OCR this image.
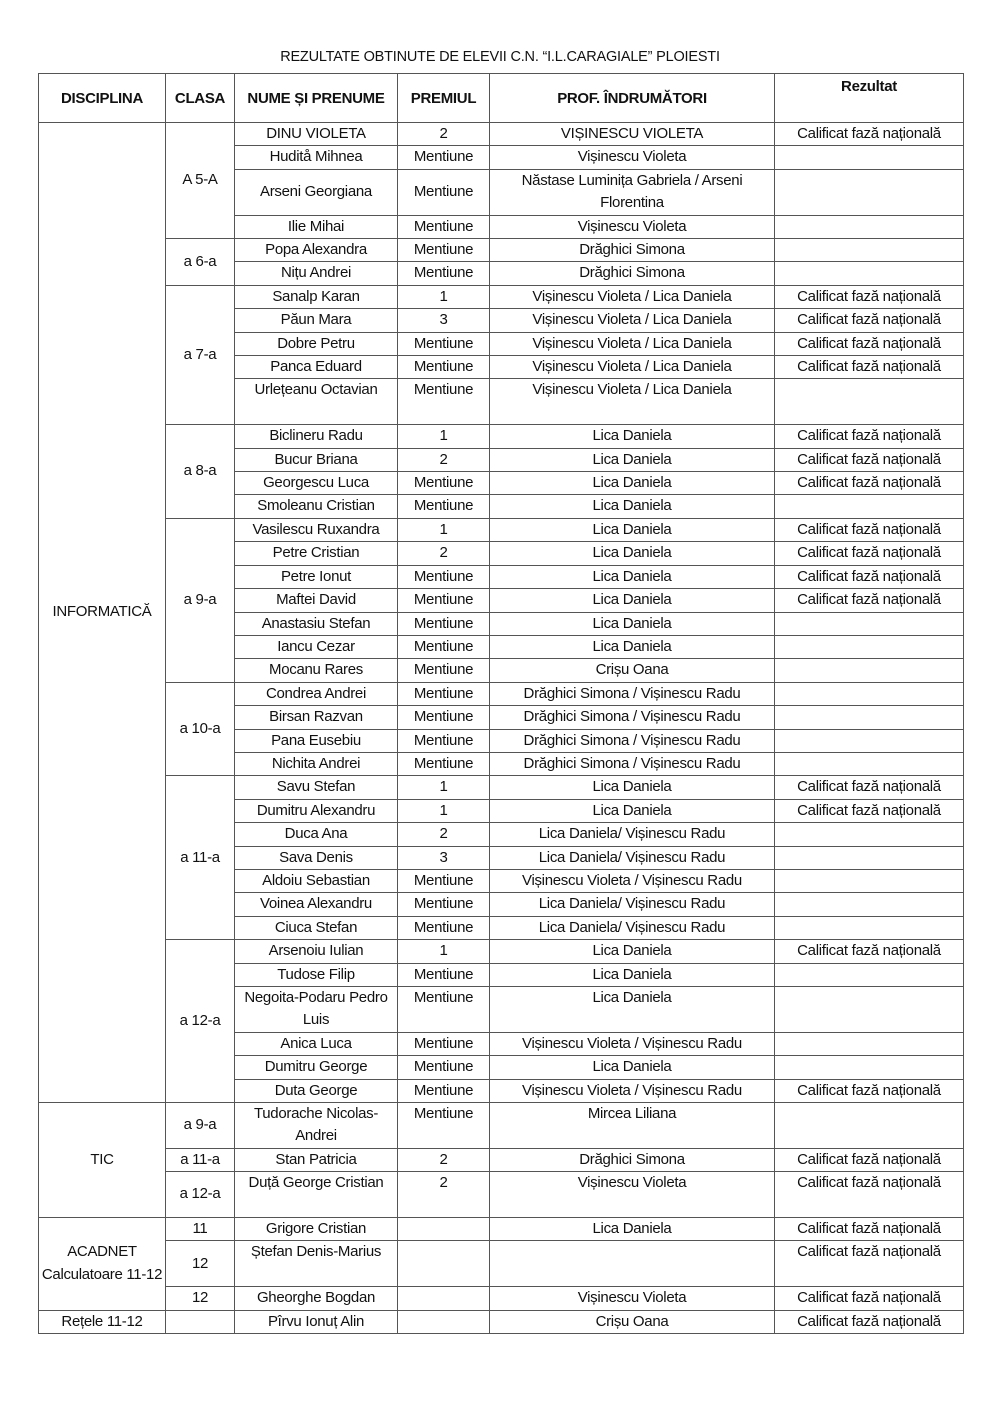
REZULTATE OBTINUTE DE ELEVII C.N. “I.L.CARAGIALE” PLOIESTI
DISCIPLINA	CLASA	NUME ȘI PRENUME	PREMIUL	PROF. ÎNDRUMĂTORI	Rezultat
INFORMATICĂ	A 5-A	DINU VIOLETA	2	VIȘINESCU VIOLETA	Calificat fază națională
		Huditå Mihnea	Mentiune	Vișinescu Violeta	
		Arseni Georgiana	Mentiune	Năstase Luminița Gabriela / Arseni Florentina	
		Ilie Mihai	Mentiune	Vișinescu Violeta	
	a 6-a	Popa Alexandra	Mentiune	Drăghici Simona	
		Nițu Andrei	Mentiune	Drăghici Simona	
	a 7-a	Sanalp Karan	1	Vișinescu Violeta / Lica Daniela	Calificat fază națională
		Păun Mara	3	Vișinescu Violeta / Lica Daniela	Calificat fază națională
		Dobre Petru	Mentiune	Vișinescu Violeta / Lica Daniela	Calificat fază națională
		Panca Eduard	Mentiune	Vișinescu Violeta / Lica Daniela	Calificat fază națională
		Urlețeanu Octavian	Mentiune	Vișinescu Violeta / Lica Daniela	
	a 8-a	Biclineru Radu	1	Lica Daniela	Calificat fază națională
		Bucur Briana	2	Lica Daniela	Calificat fază națională
		Georgescu Luca	Mentiune	Lica Daniela	Calificat fază națională
		Smoleanu Cristian	Mentiune	Lica Daniela	
	a 9-a	Vasilescu Ruxandra	1	Lica Daniela	Calificat fază națională
		Petre Cristian	2	Lica Daniela	Calificat fază națională
		Petre Ionut	Mentiune	Lica Daniela	Calificat fază națională
		Maftei David	Mentiune	Lica Daniela	Calificat fază națională
		Anastasiu Stefan	Mentiune	Lica Daniela	
		Iancu Cezar	Mentiune	Lica Daniela	
		Mocanu Rares	Mentiune	Crișu Oana	
	a 10-a	Condrea Andrei	Mentiune	Drăghici Simona / Vișinescu Radu	
		Birsan Razvan	Mentiune	Drăghici Simona / Vișinescu Radu	
		Pana Eusebiu	Mentiune	Drăghici Simona / Vișinescu Radu	
		Nichita Andrei	Mentiune	Drăghici Simona / Vișinescu Radu	
	a 11-a	Savu Stefan	1	Lica Daniela	Calificat fază națională
		Dumitru Alexandru	1	Lica Daniela	Calificat fază națională
		Duca Ana	2	Lica Daniela/ Vișinescu Radu	
		Sava Denis	3	Lica Daniela/ Vișinescu Radu	
		Aldoiu Sebastian	Mentiune	Vișinescu Violeta / Vișinescu Radu	
		Voinea Alexandru	Mentiune	Lica Daniela/ Vișinescu Radu	
		Ciuca Stefan	Mentiune	Lica Daniela/ Vișinescu Radu	
	a 12-a	Arsenoiu Iulian	1	Lica Daniela	Calificat fază națională
		Tudose Filip	Mentiune	Lica Daniela	
		Negoita-Podaru Pedro Luis	Mentiune	Lica Daniela	
		Anica Luca	Mentiune	Vișinescu Violeta / Vișinescu Radu	
		Dumitru George	Mentiune	Lica Daniela	
		Duta George	Mentiune	Vișinescu Violeta / Vișinescu Radu	Calificat fază națională
TIC	a 9-a	Tudorache Nicolas-Andrei	Mentiune	Mircea Liliana	
	a 11-a	Stan Patricia	2	Drăghici Simona	Calificat fază națională
	a 12-a	Duță George Cristian	2	Vișinescu Violeta	Calificat fază națională
ACADNET Calculatoare 11-12	11	Grigore Cristian		Lica Daniela	Calificat fază națională
	12	Ștefan Denis-Marius			Calificat fază națională
	12	Gheorghe Bogdan		Vișinescu Violeta	Calificat fază națională
Rețele 11-12		Pîrvu Ionuț Alin		Crișu Oana	Calificat fază națională
